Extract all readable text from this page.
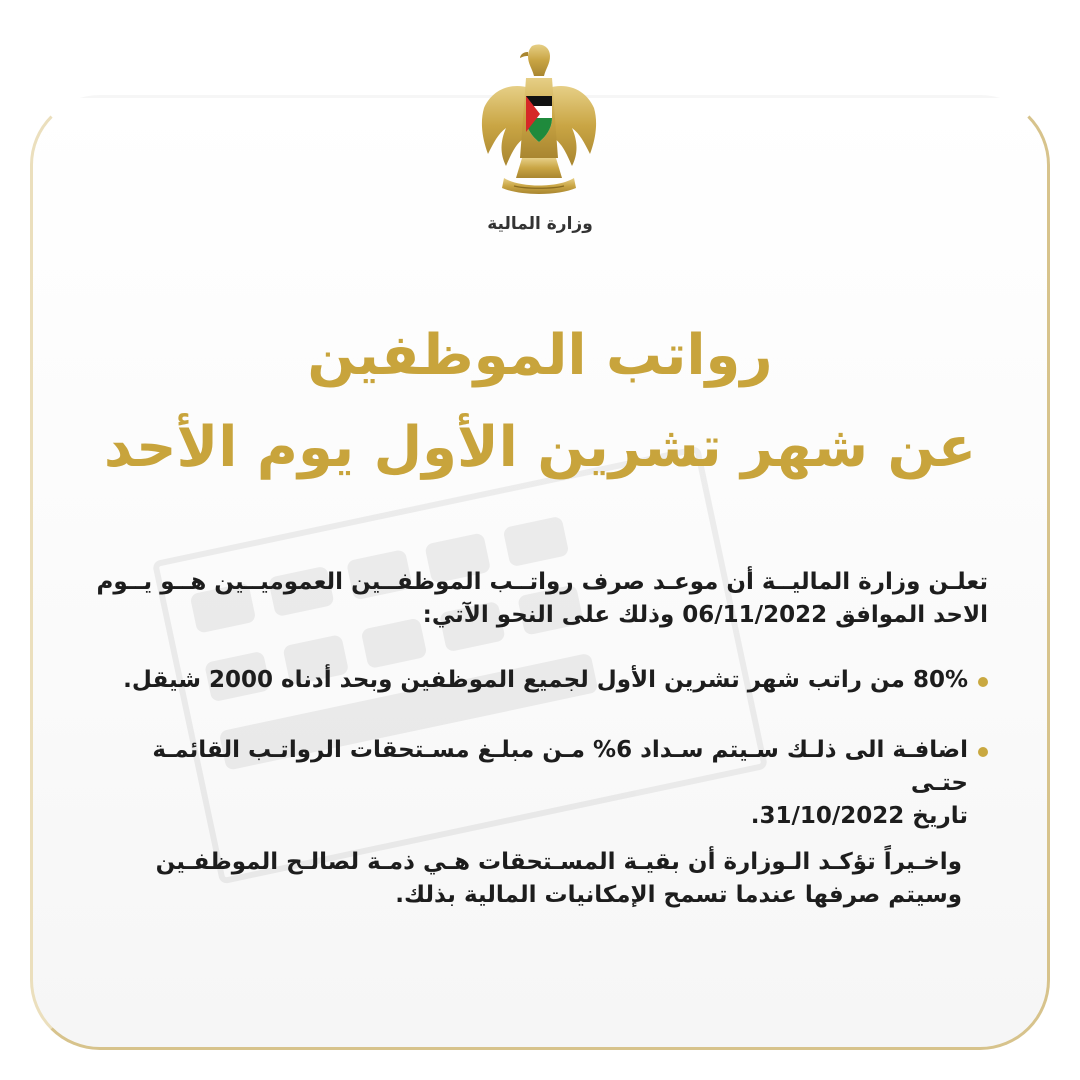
وزارة المالية
رواتب الموظفين
عن شهر تشرين الأول يوم الأحد
تعلـن وزارة الماليــة أن موعـد صرف رواتــب الموظفــين العموميــين هــو يــوم
الاحد الموافق 06/11/2022 وذلك على النحو الآتي:
80% من راتب شهر تشرين الأول لجميع الموظفين وبحد أدناه 2000 شيقل.
اضافـة الى ذلـك سـيتم سـداد 6% مـن مبلـغ مسـتحقات الرواتـب القائمـة حتـى
تاريخ 31/10/2022.
واخـيراً تؤكـد الـوزارة أن بقيـة المسـتحقات هـي ذمـة لصالـح الموظفـين
وسيتم صرفها عندما تسمح الإمكانيات المالية بذلك.
